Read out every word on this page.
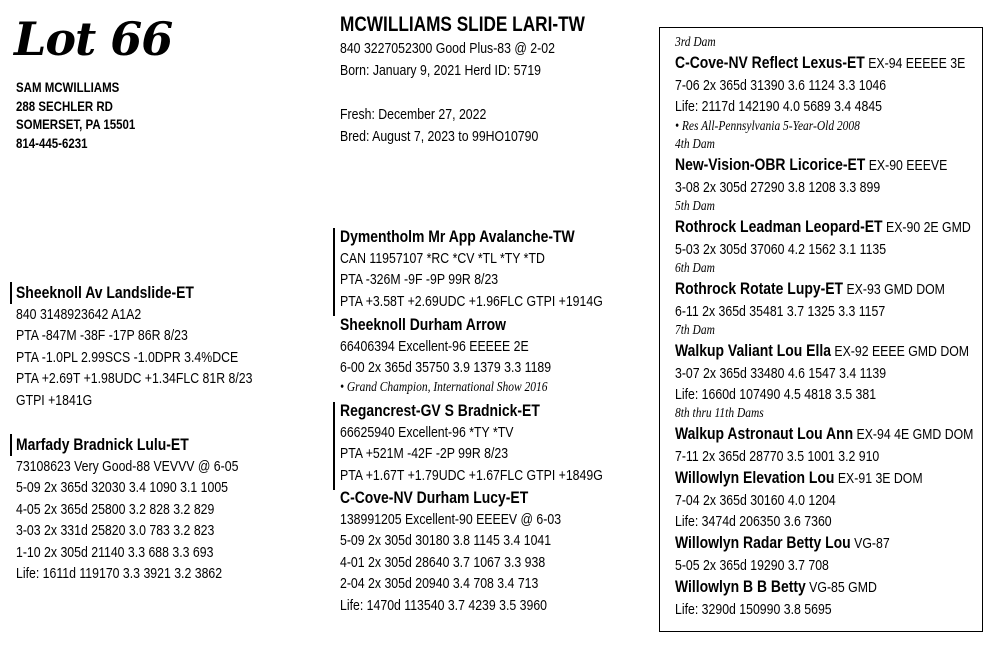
Lot 66
SAM MCWILLIAMS
288 SECHLER RD
SOMERSET, PA 15501
814-445-6231
MCWILLIAMS SLIDE LARI-TW
840 3227052300 Good Plus-83 @ 2-02
Born: January 9, 2021 Herd ID: 5719
Fresh: December 27, 2022
Bred: August 7, 2023 to 99HO10790
Sheeknoll Av Landslide-ET
840 3148923642 A1A2
PTA -847M -38F -17P 86R 8/23
PTA -1.0PL 2.99SCS -1.0DPR 3.4%DCE
PTA +2.69T +1.98UDC +1.34FLC 81R 8/23
GTPI +1841G
Marfady Bradnick Lulu-ET
73108623 Very Good-88 VEVVV @ 6-05
5-09 2x 365d 32030 3.4 1090 3.1 1005
4-05 2x 365d 25800 3.2 828 3.2 829
3-03 2x 331d 25820 3.0 783 3.2 823
1-10 2x 305d 21140 3.3 688 3.3 693
Life: 1611d 119170 3.3 3921 3.2 3862
Dymentholm Mr App Avalanche-TW
CAN 11957107 *RC *CV *TL *TY *TD
PTA -326M -9F -9P 99R 8/23
PTA +3.58T +2.69UDC +1.96FLC GTPI +1914G
Sheeknoll Durham Arrow
66406394 Excellent-96 EEEEE 2E
6-00 2x 365d 35750 3.9 1379 3.3 1189
• Grand Champion, International Show 2016
Regancrest-GV S Bradnick-ET
66625940 Excellent-96 *TY *TV
PTA +521M -42F -2P 99R 8/23
PTA +1.67T +1.79UDC +1.67FLC GTPI +1849G
C-Cove-NV Durham Lucy-ET
138991205 Excellent-90 EEEEV @ 6-03
5-09 2x 305d 30180 3.8 1145 3.4 1041
4-01 2x 305d 28640 3.7 1067 3.3 938
2-04 2x 305d 20940 3.4 708 3.4 713
Life: 1470d 113540 3.7 4239 3.5 3960
3rd Dam
C-Cove-NV Reflect Lexus-ET EX-94 EEEEE 3E
7-06 2x 365d 31390 3.6 1124 3.3 1046
Life: 2117d 142190 4.0 5689 3.4 4845
• Res All-Pennsylvania 5-Year-Old 2008
4th Dam
New-Vision-OBR Licorice-ET EX-90 EEEVE
3-08 2x 305d 27290 3.8 1208 3.3 899
5th Dam
Rothrock Leadman Leopard-ET EX-90 2E GMD
5-03 2x 305d 37060 4.2 1562 3.1 1135
6th Dam
Rothrock Rotate Lupy-ET EX-93 GMD DOM
6-11 2x 365d 35481 3.7 1325 3.3 1157
7th Dam
Walkup Valiant Lou Ella EX-92 EEEE GMD DOM
3-07 2x 365d 33480 4.6 1547 3.4 1139
Life: 1660d 107490 4.5 4818 3.5 381
8th thru 11th Dams
Walkup Astronaut Lou Ann EX-94 4E GMD DOM
7-11 2x 365d 28770 3.5 1001 3.2 910
Willowlyn Elevation Lou EX-91 3E DOM
7-04 2x 365d 30160 4.0 1204
Life: 3474d 206350 3.6 7360
Willowlyn Radar Betty Lou VG-87
5-05 2x 365d 19290 3.7 708
Willowlyn B B Betty VG-85 GMD
Life: 3290d 150990 3.8 5695
